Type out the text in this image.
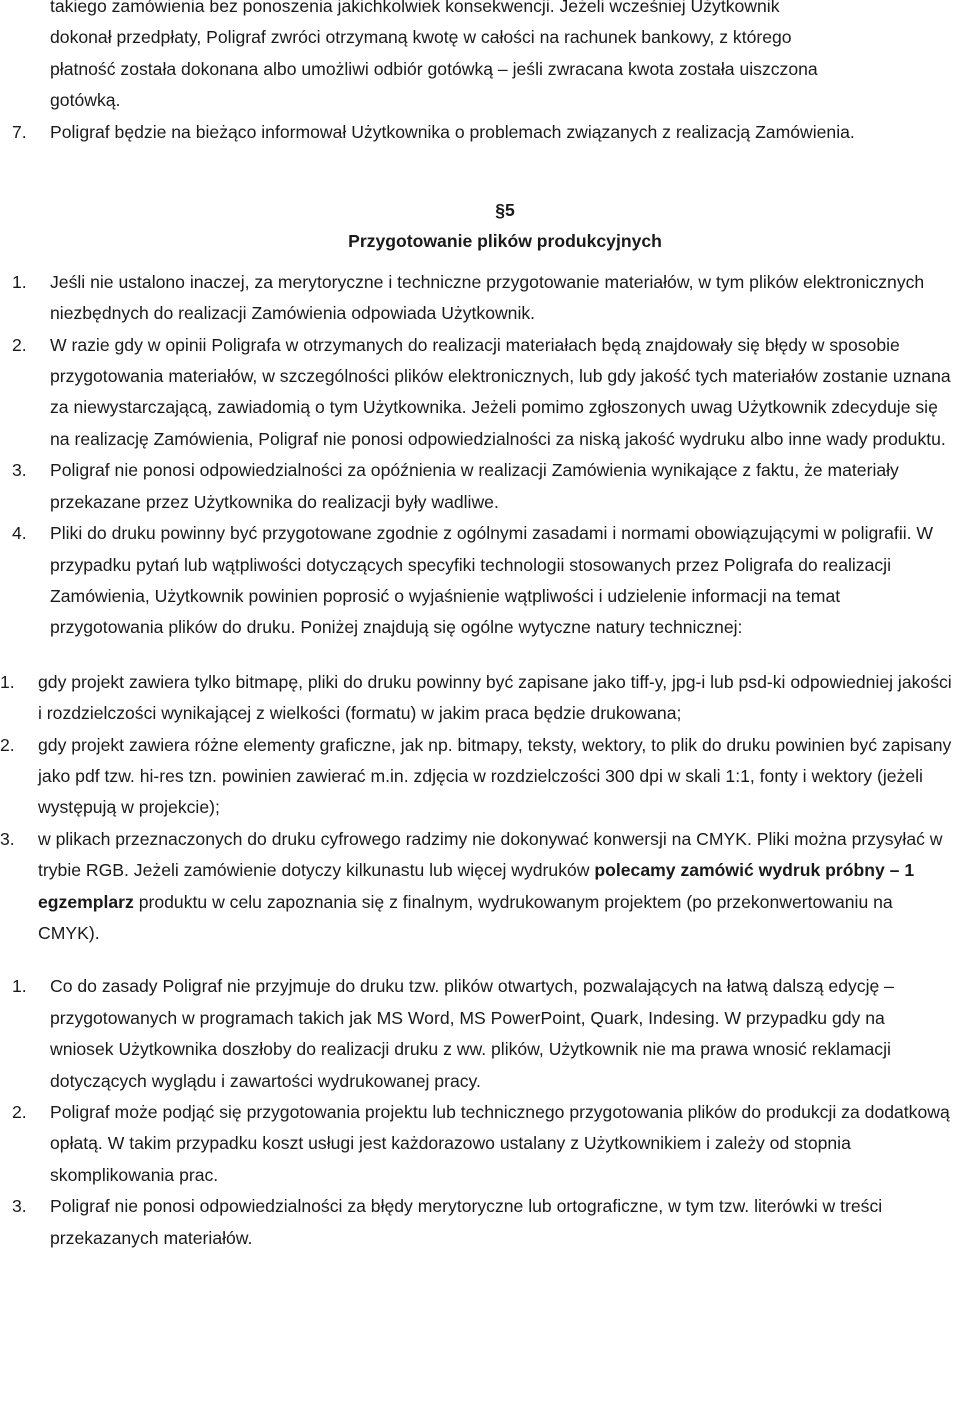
takiego zamówienia bez ponoszenia jakichkolwiek konsekwencji. Jeżeli wcześniej Użytkownik
dokonał przedpłaty, Poligraf zwróci otrzymaną kwotę w całości na rachunek bankowy, z którego
płatność została dokonana albo umożliwi odbiór gotówką – jeśli zwracana kwota została uiszczona
gotówką.
7. Poligraf będzie na bieżąco informował Użytkownika o problemach związanych z realizacją Zamówienia.
§5
Przygotowanie plików produkcyjnych
1. Jeśli nie ustalono inaczej, za merytoryczne i techniczne przygotowanie materiałów, w tym plików elektronicznych niezbędnych do realizacji Zamówienia odpowiada Użytkownik.
2. W razie gdy w opinii Poligrafa w otrzymanych do realizacji materiałach będą znajdowały się błędy w sposobie przygotowania materiałów, w szczególności plików elektronicznych, lub gdy jakość tych materiałów zostanie uznana za niewystarczającą, zawiadomią o tym Użytkownika. Jeżeli pomimo zgłoszonych uwag Użytkownik zdecyduje się na realizację Zamówienia, Poligraf nie ponosi odpowiedzialności za niską jakość wydruku albo inne wady produktu.
3. Poligraf nie ponosi odpowiedzialności za opóźnienia w realizacji Zamówienia wynikające z faktu, że materiały przekazane przez Użytkownika do realizacji były wadliwe.
4. Pliki do druku powinny być przygotowane zgodnie z ogólnymi zasadami i normami obowiązującymi w poligrafii. W przypadku pytań lub wątpliwości dotyczących specyfiki technologii stosowanych przez Poligrafa do realizacji Zamówienia, Użytkownik powinien poprosić o wyjaśnienie wątpliwości i udzielenie informacji na temat przygotowania plików do druku. Poniżej znajdują się ogólne wytyczne natury technicznej:
1. gdy projekt zawiera tylko bitmapę, pliki do druku powinny być zapisane jako tiff-y, jpg-i lub psd-ki odpowiedniej jakości i rozdzielczości wynikającej z wielkości (formatu) w jakim praca będzie drukowana;
2. gdy projekt zawiera różne elementy graficzne, jak np. bitmapy, teksty, wektory, to plik do druku powinien być zapisany jako pdf tzw. hi-res tzn. powinien zawierać m.in. zdjęcia w rozdzielczości 300 dpi w skali 1:1, fonty i wektory (jeżeli występują w projekcie);
3. w plikach przeznaczonych do druku cyfrowego radzimy nie dokonywać konwersji na CMYK. Pliki można przysyłać w trybie RGB. Jeżeli zamówienie dotyczy kilkunastu lub więcej wydruków polecamy zamówić wydruk próbny – 1 egzemplarz produktu w celu zapoznania się z finalnym, wydrukowanym projektem (po przekonwertowaniu na CMYK).
1. Co do zasady Poligraf nie przyjmuje do druku tzw. plików otwartych, pozwalających na łatwą dalszą edycję – przygotowanych w programach takich jak MS Word, MS PowerPoint, Quark, Indesing. W przypadku gdy na wniosek Użytkownika doszłoby do realizacji druku z ww. plików, Użytkownik nie ma prawa wnosić reklamacji dotyczących wyglądu i zawartości wydrukowanej pracy.
2. Poligraf może podjąć się przygotowania projektu lub technicznego przygotowania plików do produkcji za dodatkową opłatą. W takim przypadku koszt usługi jest każdorazowo ustalany z Użytkownikiem i zależy od stopnia skomplikowania prac.
3. Poligraf nie ponosi odpowiedzialności za błędy merytoryczne lub ortograficzne, w tym tzw. literówki w treści przekazanych materiałów.
